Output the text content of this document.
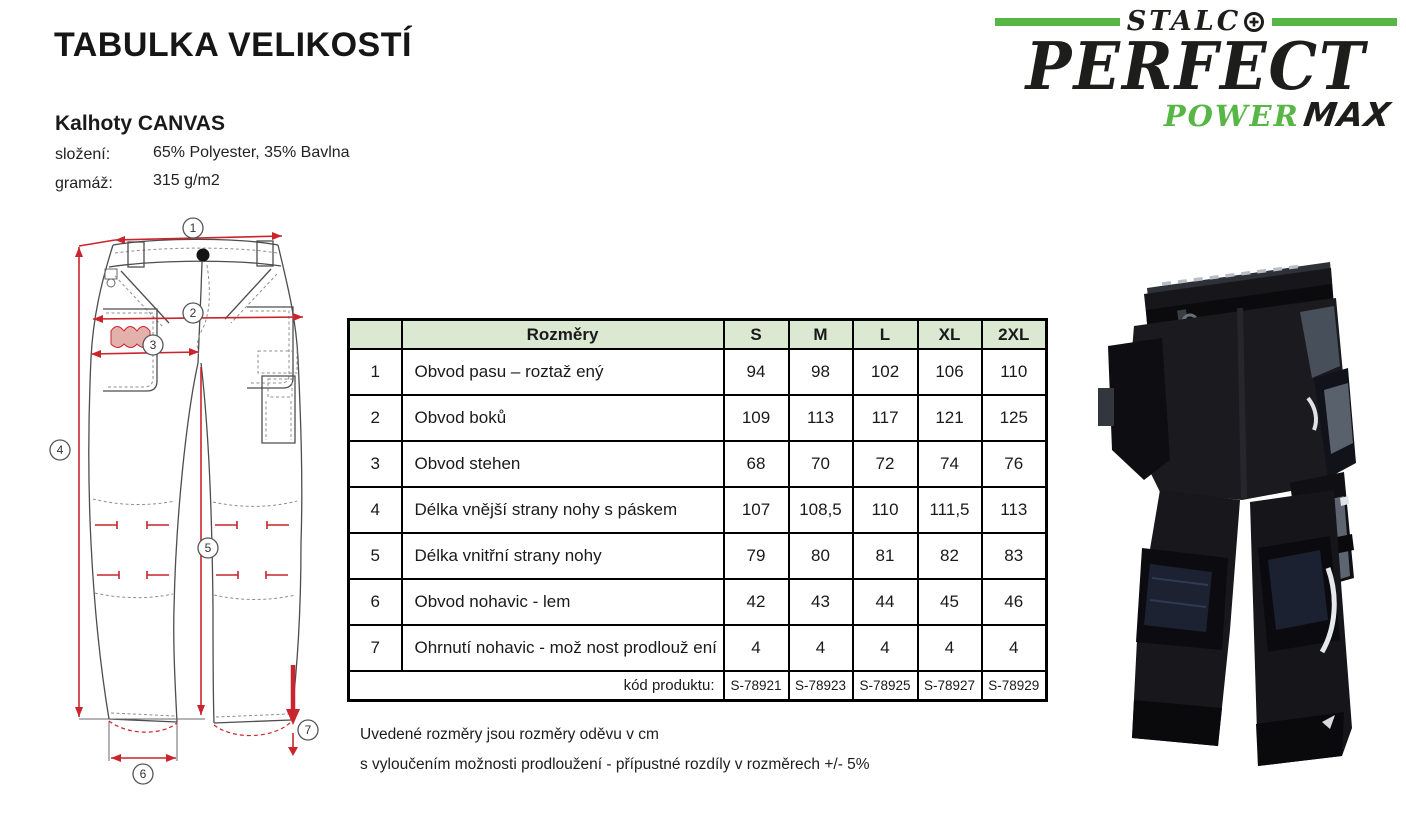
TABULKA VELIKOSTÍ
STALC
PERFECT
POWER MAX
Kalhoty CANVAS
složení:	65% Polyester, 35% Bavlna
gramáž:	315 g/m2
1
2
3
4
5
6
7
	Rozměry	S	M	L	XL	2XL
1	Obvod pasu – roztaž ený	94	98	102	106	110
2	Obvod boků	109	113	117	121	125
3	Obvod stehen	68	70	72	74	76
4	Délka vnější strany nohy s páskem	107	108,5	110	111,5	113
5	Délka vnitřní strany nohy	79	80	81	82	83
6	Obvod nohavic - lem	42	43	44	45	46
7	Ohrnutí nohavic - mož nost prodlouž ení	4	4	4	4	4
kód produktu:		S-78921	S-78923	S-78925	S-78927	S-78929
Uvedené rozměry jsou rozměry oděvu v cm
s vyloučením možnosti prodloužení - přípustné rozdíly v rozměrech +/- 5%
